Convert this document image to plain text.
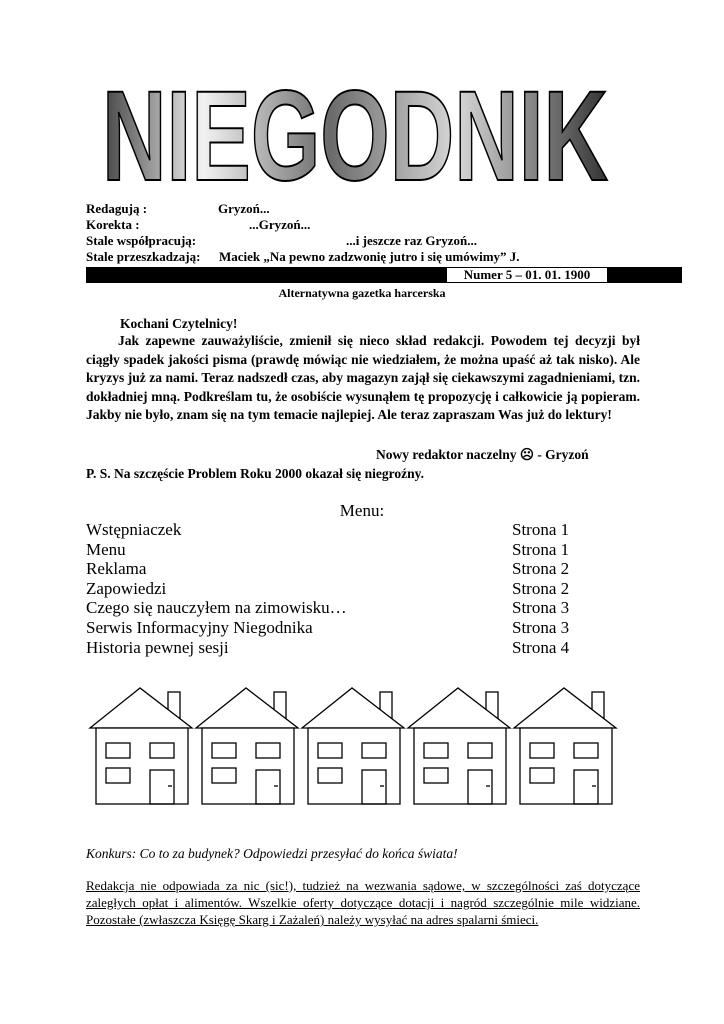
NIEGODNIK
Redagują :	Gryzoń...
Korekta :	...Gryzoń...
Stale współpracują:	...i jeszcze raz Gryzoń...
Stale przeszkadzają: Maciek „Na pewno zadzwonię jutro i się umówimy” J.
Numer 5 – 01. 01. 1900
Alternatywna gazetka harcerska
Kochani Czytelnicy!

Jak zapewne zauważyliście, zmienił się nieco skład redakcji. Powodem tej decyzji był ciągły spadek jakości pisma (prawdę mówiąc nie wiedziałem, że można upaść aż tak nisko). Ale kryzys już za nami. Teraz nadszedł czas, aby magazyn zajął się ciekawszymi zagadnieniami, tzn. dokładniej mną. Podkreślam tu, że osobiście wysunąłem tę propozycję i całkowicie ją popieram. Jakby nie było, znam się na tym temacie najlepiej. Ale teraz zapraszam Was już do lektury!

Nowy redaktor naczelny ☹ - Gryzoń
P. S. Na szczęście Problem Roku 2000 okazał się niegroźny.
Menu:
Wstępniaczek	Strona 1
Menu	Strona 1
Reklama	Strona 2
Zapowiedzi	Strona 2
Czego się nauczyłem na zimowisku…	Strona 3
Serwis Informacyjny Niegodnika	Strona 3
Historia pewnej sesji	Strona 4
Konkurs: Co to za budynek? Odpowiedzi przesyłać do końca świata!

Redakcja nie odpowiada za nic (sic!), tudzież na wezwania sądowe, w szczególności zaś dotyczące zaległych opłat i alimentów. Wszelkie oferty dotyczące dotacji i nagród szczególnie mile widziane. Pozostałe (zwłaszcza Księgę Skarg i Zażaleń) należy wysyłać na adres spalarni śmieci.
